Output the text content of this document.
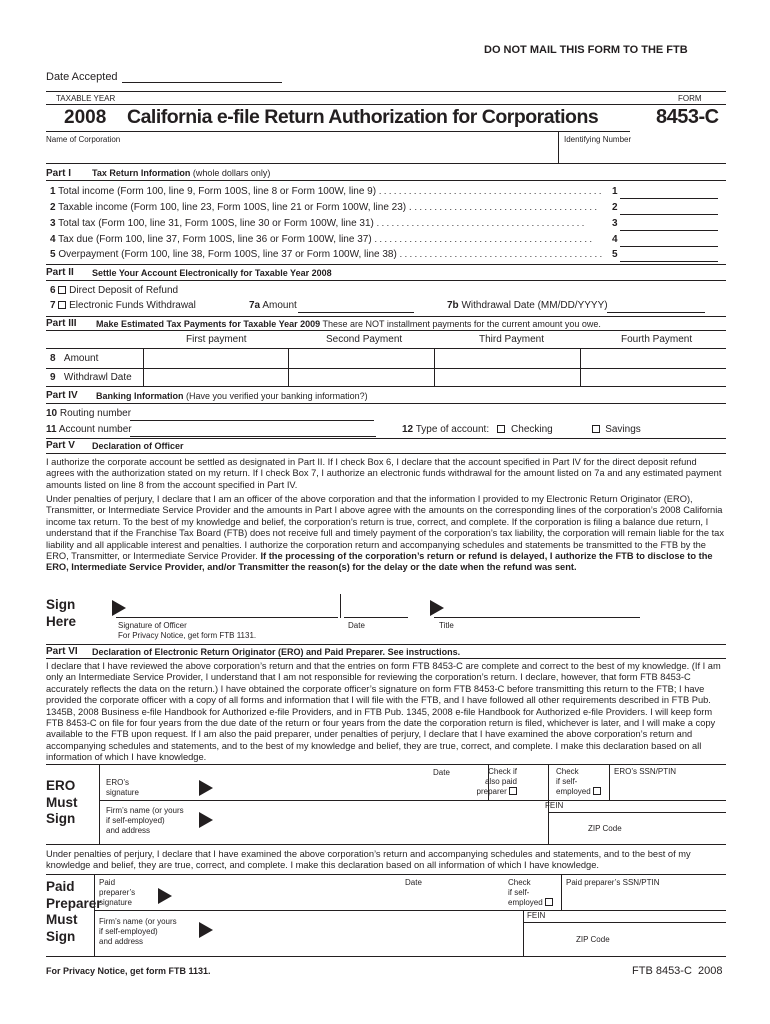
DO NOT MAIL THIS FORM TO THE FTB
Date Accepted
TAXABLE YEAR	FORM
2008 California e-file Return Authorization for Corporations	8453-C
Name of Corporation	Identifying Number
Part I Tax Return Information (whole dollars only)
1 Total income (Form 100, line 9, Form 100S, line 8 or Form 100W, line 9) . . . . . . . . . . . . . . . . . . . . . . . . . . . . . . . . . . . . . . . . . . . . . 1
2 Taxable income (Form 100, line 23, Form 100S, line 21 or Form 100W, line 23) . . . . . . . . . . . . . . . . . . . . . . . . . . . . . . . . . . . . . . 2
3 Total tax (Form 100, line 31, Form 100S, line 30 or Form 100W, line 31) . . . . . . . . . . . . . . . . . . . . . . . . . . . . . . . . . . . . . . . . . .	3
4 Tax due (Form 100, line 37, Form 100S, line 36 or Form 100W, line 37) . . . . . . . . . . . . . . . . . . . . . . . . . . . . . . . . . . . . . . . . . . . . 4
5 Overpayment (Form 100, line 38, Form 100S, line 37 or Form 100W, line 38) . . . . . . . . . . . . . . . . . . . . . . . . . . . . . . . . . . . . . . . . . 5
Part II Settle Your Account Electronically for Taxable Year 2008
6 Direct Deposit of Refund
7 Electronic Funds Withdrawal	7a Amount	7b Withdrawal Date (MM/DD/YYYY)
Part III Make Estimated Tax Payments for Taxable Year 2009 These are NOT installment payments for the current amount you owe.
First payment	Second Payment	Third Payment	Fourth Payment
8 Amount
9 Withdrawl Date
Part IV Banking Information (Have you verified your banking information?)
10 Routing number
11 Account number	12 Type of account: Checking	Savings
Part V Declaration of Officer
I authorize the corporate account be settled as designated in Part II. If I check Box 6, I declare that the account specified in Part IV for the direct deposit refund agrees with the authorization stated on my return. If I check Box 7, I authorize an electronic funds withdrawal for the amount listed on 7a and any estimated payment amounts listed on line 8 from the account specified in Part IV.
Under penalties of perjury, I declare that I am an officer of the above corporation and that the information I provided to my Electronic Return Originator (ERO), Transmitter, or Intermediate Service Provider and the amounts in Part I above agree with the amounts on the corresponding lines of the corporation’s 2008 California income tax return. To the best of my knowledge and belief, the corporation’s return is true, correct, and complete. If the corporation is filing a balance due return, I understand that if the Franchise Tax Board (FTB) does not receive full and timely payment of the corporation’s tax liability, the corporation will remain liable for the tax liability and all applicable interest and penalties. I authorize the corporation return and accompanying schedules and statements be transmitted to the FTB by the ERO, Transmitter, or Intermediate Service Provider. If the processing of the corporation’s return or refund is delayed, I authorize the FTB to disclose to the ERO, Intermediate Service Provider, and/or Transmitter the reason(s) for the delay or the date when the refund was sent.
Sign
Here	Signature of Officer
For Privacy Notice, get form FTB 1131.
Date	Title
Part VI Declaration of Electronic Return Originator (ERO) and Paid Preparer. See instructions.
I declare that I have reviewed the above corporation’s return and that the entries on form FTB 8453-C are complete and correct to the best of my knowledge. (If I am only an Intermediate Service Provider, I understand that I am not responsible for reviewing the corporation’s return. I declare, however, that form FTB 8453-C accurately reflects the data on the return.) I have obtained the corporate officer’s signature on form FTB 8453-C before transmitting this return to the FTB; I have provided the corporate officer with a copy of all forms and information that I will file with the FTB, and I have followed all other requirements described in FTB Pub. 1345B, 2008 Business e-file Handbook for Authorized e-file Providers, and in FTB Pub. 1345, 2008 e-file Handbook for Authorized e-file Providers. I will keep form FTB 8453-C on file for four years from the due date of the return or four years from the date the corporation return is filed, whichever is later, and I will make a copy available to the FTB upon request. If I am also the paid preparer, under penalties of perjury, I declare that I have examined the above corporation’s return and accompanying schedules and statements, and to the best of my knowledge and belief, they are true, correct, and complete. I make this declaration based on all information of which I have knowledge.
ERO
Must
Sign
ERO’s
signature
Date	Check if
also paid
preparer
Check
if self-
employed
ERO’s SSN/PTIN
Firm’s name (or yours
if self-employed)
and address
FEIN
ZIP Code
Under penalties of perjury, I declare that I have examined the above corporation’s return and accompanying schedules and statements, and to the best of my knowledge and belief, they are true, correct, and complete. I make this declaration based on all information of which I have knowledge.
Paid
Preparer
Must
Sign
Paid
preparer’s
signature
Date	Check
if self-
employed
Paid preparer’s SSN/PTIN
Firm’s name (or yours
if self-employed)
and address
FEIN
ZIP Code
For Privacy Notice, get form FTB 1131.	FTB 8453-C 2008
